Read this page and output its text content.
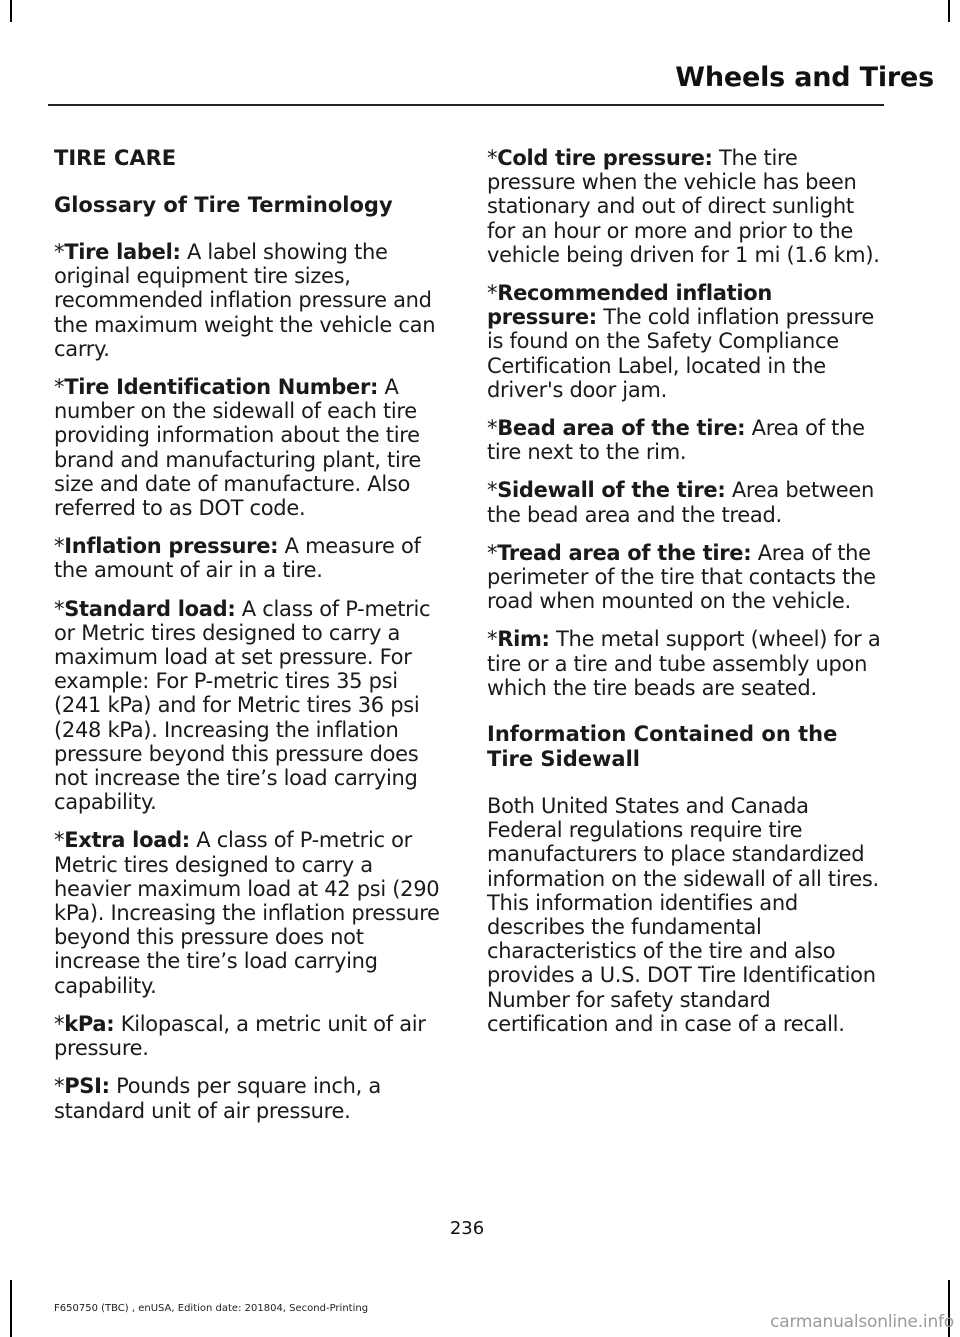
Wheels and Tires
TIRE CARE
Glossary of Tire Terminology

*Tire label: A label showing the original equipment tire sizes, recommended inflation pressure and the maximum weight the vehicle can carry.

*Tire Identification Number: A number on the sidewall of each tire providing information about the tire brand and manufacturing plant, tire size and date of manufacture. Also referred to as DOT code.

*Inflation pressure: A measure of the amount of air in a tire.

*Standard load: A class of P-metric or Metric tires designed to carry a maximum load at set pressure. For example: For P-metric tires 35 psi (241 kPa) and for Metric tires 36 psi (248 kPa). Increasing the inflation pressure beyond this pressure does not increase the tire’s load carrying capability.

*Extra load: A class of P-metric or Metric tires designed to carry a heavier maximum load at 42 psi (290 kPa). Increasing the inflation pressure beyond this pressure does not increase the tire’s load carrying capability.

*kPa: Kilopascal, a metric unit of air pressure.

*PSI: Pounds per square inch, a standard unit of air pressure.

*Cold tire pressure: The tire pressure when the vehicle has been stationary and out of direct sunlight for an hour or more and prior to the vehicle being driven for 1 mi (1.6 km).

*Recommended inflation pressure: The cold inflation pressure is found on the Safety Compliance Certification Label, located in the driver's door jam.

*Bead area of the tire: Area of the tire next to the rim.

*Sidewall of the tire: Area between the bead area and the tread.

*Tread area of the tire: Area of the perimeter of the tire that contacts the road when mounted on the vehicle.

*Rim: The metal support (wheel) for a tire or a tire and tube assembly upon which the tire beads are seated.

Information Contained on the Tire Sidewall

Both United States and Canada Federal regulations require tire manufacturers to place standardized information on the sidewall of all tires. This information identifies and describes the fundamental characteristics of the tire and also provides a U.S. DOT Tire Identification Number for safety standard certification and in case of a recall.

236
F650750 (TBC) , enUSA, Edition date: 201804, Second-Printing
carmanualsonline.info
